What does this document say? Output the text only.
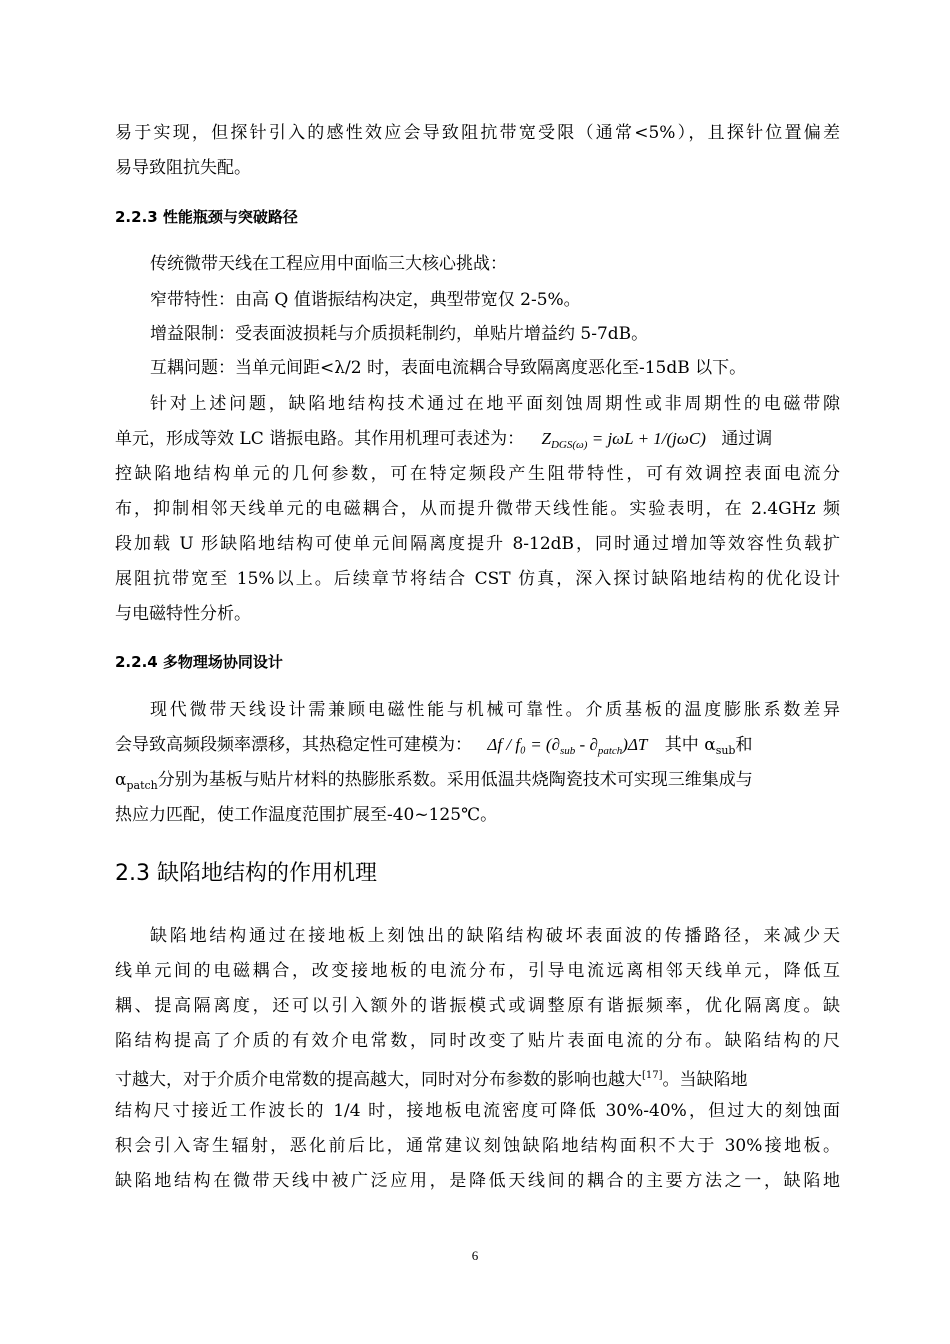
易于实现，但探针引入的感性效应会导致阻抗带宽受限（通常<5%），且探针位置偏差
易导致阻抗失配。
2.2.3 性能瓶颈与突破路径
传统微带天线在工程应用中面临三大核心挑战：
窄带特性：由高 Q 值谐振结构决定，典型带宽仅 2-5%。
增益限制：受表面波损耗与介质损耗制约，单贴片增益约 5-7dB。
互耦问题：当单元间距<λ/2 时，表面电流耦合导致隔离度恶化至-15dB 以下。
针对上述问题，缺陷地结构技术通过在地平面刻蚀周期性或非周期性的电磁带隙
单元，形成等效 LC 谐振电路。其作用机理可表述为： $Z_{DGS(\omega)} = j\omega L + 1/(j\omega C)$ 通过调
控缺陷地结构单元的几何参数，可在特定频段产生阻带特性，可有效调控表面电流分
布，抑制相邻天线单元的电磁耦合，从而提升微带天线性能。实验表明，在 2.4GHz 频
段加载 U 形缺陷地结构可使单元间隔离度提升 8-12dB，同时通过增加等效容性负载扩
展阻抗带宽至 15%以上。后续章节将结合 CST 仿真，深入探讨缺陷地结构的优化设计
与电磁特性分析。
2.2.4 多物理场协同设计
现代微带天线设计需兼顾电磁性能与机械可靠性。介质基板的温度膨胀系数差异
会导致高频段频率漂移，其热稳定性可建模为： $\Delta f / f_0 = (\partial_{sub} - \partial_{patch})\Delta T$ 其中 $\alpha_{sub}$和
$\alpha_{patch}$分别为基板与贴片材料的热膨胀系数。采用低温共烧陶瓷技术可实现三维集成与
热应力匹配，使工作温度范围扩展至-40~125℃。
2.3 缺陷地结构的作用机理
缺陷地结构通过在接地板上刻蚀出的缺陷结构破坏表面波的传播路径，来减少天
线单元间的电磁耦合，改变接地板的电流分布，引导电流远离相邻天线单元，降低互
耦、提高隔离度，还可以引入额外的谐振模式或调整原有谐振频率，优化隔离度。缺
陷结构提高了介质的有效介电常数，同时改变了贴片表面电流的分布。缺陷结构的尺
寸越大，对于介质介电常数的提高越大，同时对分布参数的影响也越大[17]。当缺陷地
结构尺寸接近工作波长的 1/4 时，接地板电流密度可降低 30%-40%，但过大的刻蚀面
积会引入寄生辐射，恶化前后比，通常建议刻蚀缺陷地结构面积不大于 30%接地板。
缺陷地结构在微带天线中被广泛应用，是降低天线间的耦合的主要方法之一，缺陷地
6
